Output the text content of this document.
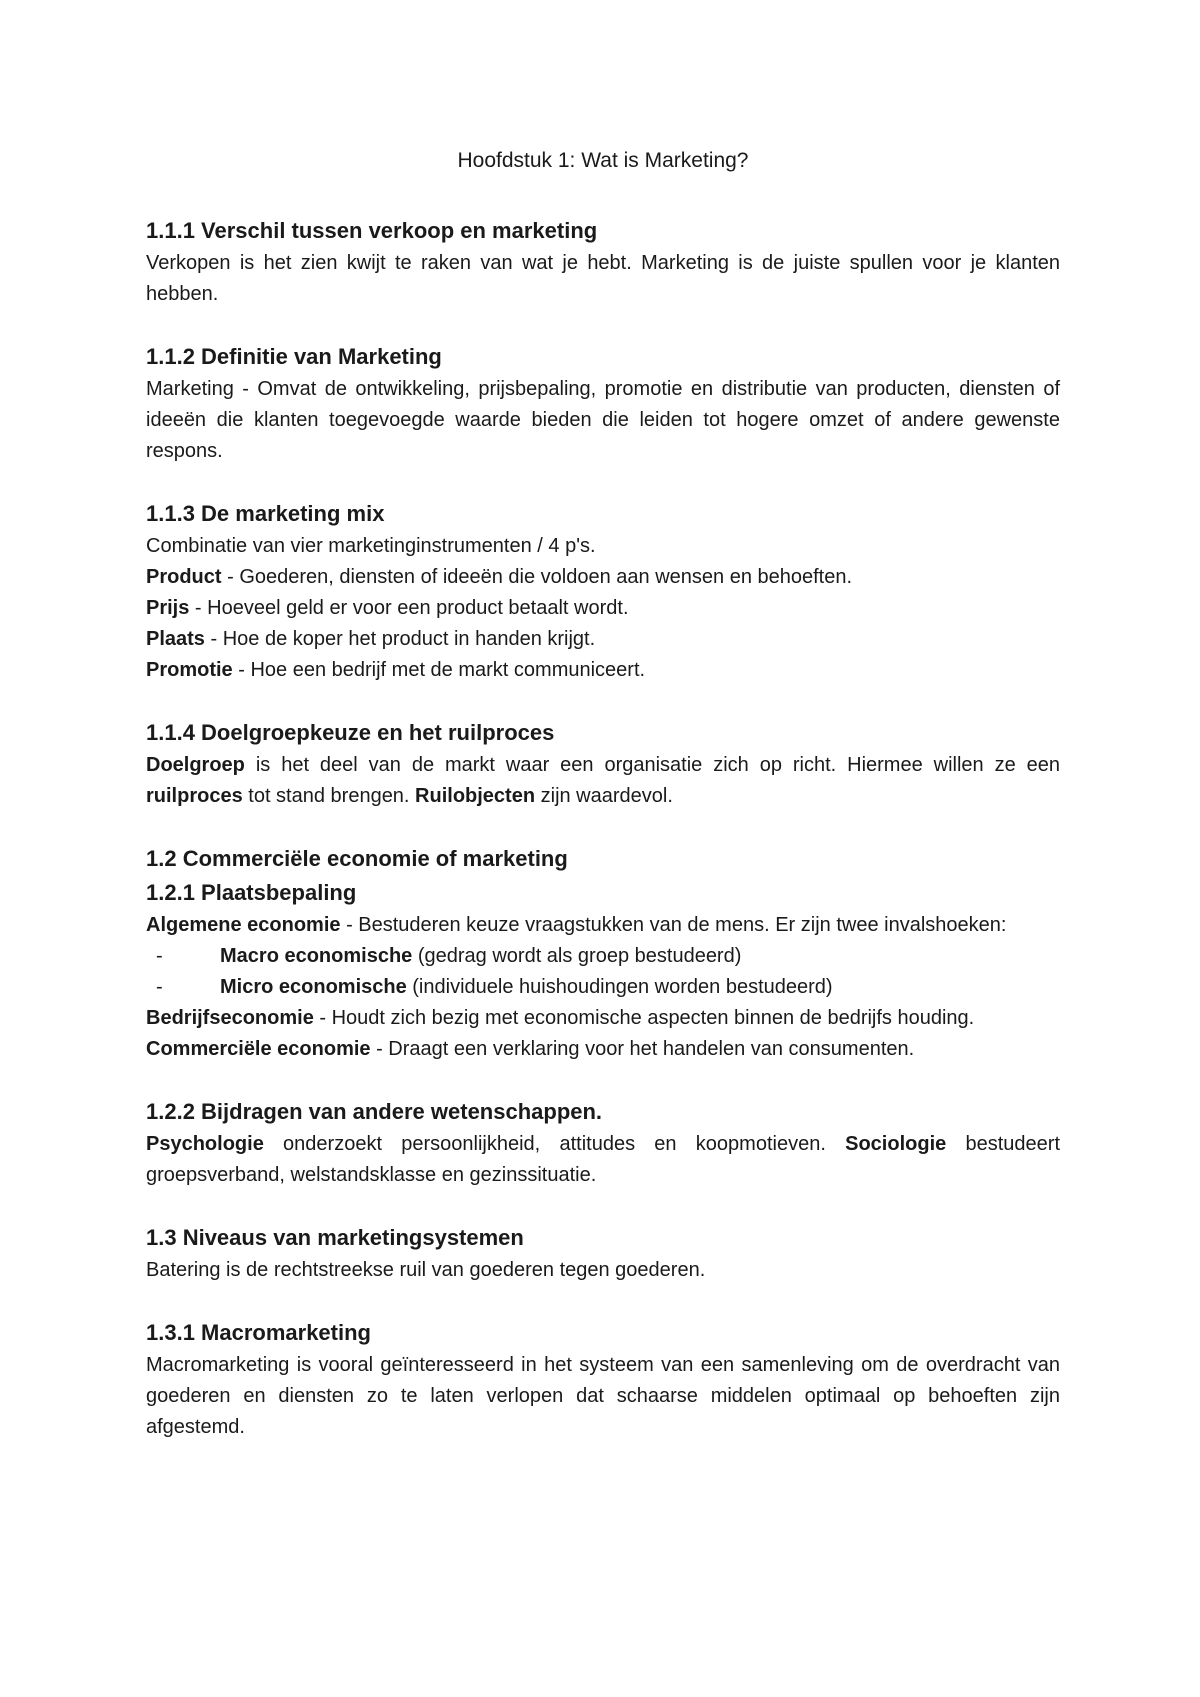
Hoofdstuk 1: Wat is Marketing?
1.1.1 Verschil tussen verkoop en marketing

Verkopen is het zien kwijt te raken van wat je hebt. Marketing is de juiste spullen voor je klanten hebben.

1.1.2 Definitie van Marketing

Marketing - Omvat de ontwikkeling, prijsbepaling, promotie en distributie van producten, diensten of ideeën die klanten toegevoegde waarde bieden die leiden tot hogere omzet of andere gewenste respons.

1.1.3 De marketing mix

Combinatie van vier marketinginstrumenten / 4 p's.

Product - Goederen, diensten of ideeën die voldoen aan wensen en behoeften.

Prijs - Hoeveel geld er voor een product betaalt wordt.

Plaats - Hoe de koper het product in handen krijgt.

Promotie - Hoe een bedrijf met de markt communiceert.

1.1.4 Doelgroepkeuze en het ruilproces

Doelgroep is het deel van de markt waar een organisatie zich op richt. Hiermee willen ze een ruilproces tot stand brengen. Ruilobjecten zijn waardevol.

1.2 Commerciële economie of marketing
1.2.1 Plaatsbepaling

Algemene economie - Bestuderen keuze vraagstukken van de mens. Er zijn twee invalshoeken:

-	Macro economische (gedrag wordt als groep bestudeerd)
-	Micro economische (individuele huishoudingen worden bestudeerd)

Bedrijfseconomie - Houdt zich bezig met economische aspecten binnen de bedrijfs houding.

Commerciële economie - Draagt een verklaring voor het handelen van consumenten.

1.2.2 Bijdragen van andere wetenschappen.

Psychologie onderzoekt persoonlijkheid, attitudes en koopmotieven. Sociologie bestudeert groepsverband, welstandsklasse en gezinssituatie.

1.3 Niveaus van marketingsystemen

Batering is de rechtstreekse ruil van goederen tegen goederen.

1.3.1 Macromarketing

Macromarketing is vooral geïnteresseerd in het systeem van een samenleving om de overdracht van goederen en diensten zo te laten verlopen dat schaarse middelen optimaal op behoeften zijn afgestemd.
